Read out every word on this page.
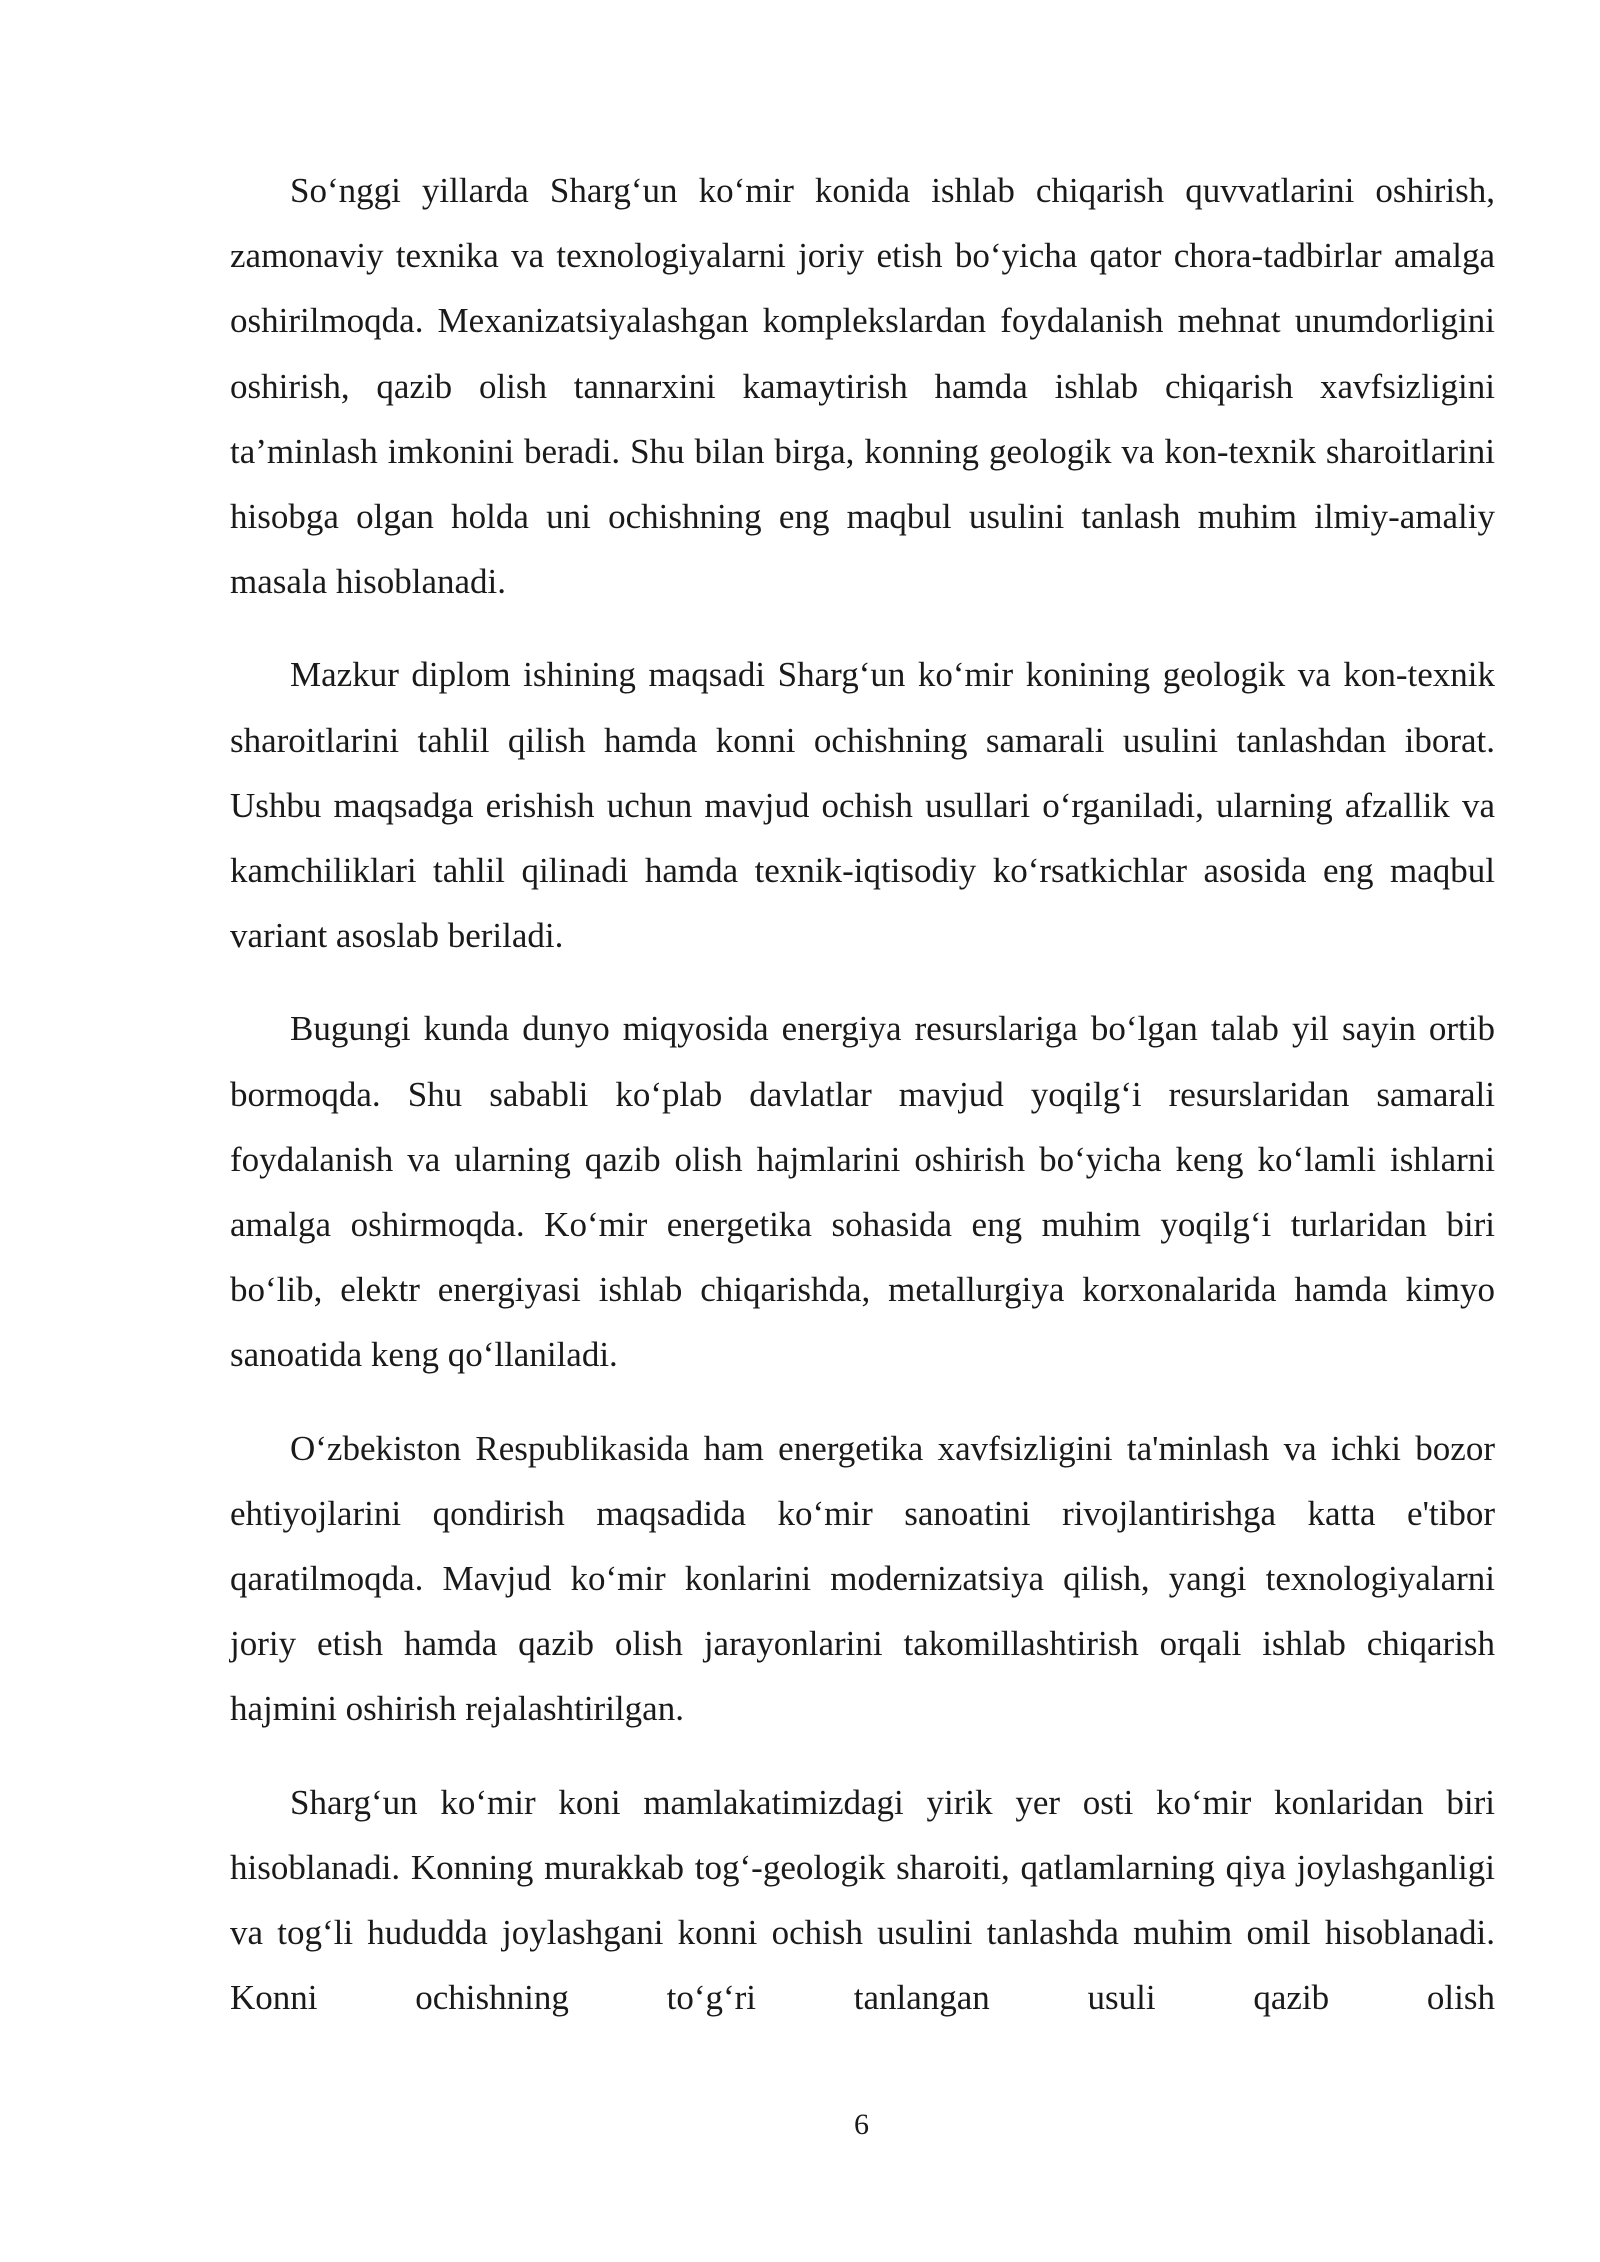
So‘nggi yillarda Sharg‘un ko‘mir konida ishlab chiqarish quvvatlarini oshirish, zamonaviy texnika va texnologiyalarni joriy etish bo‘yicha qator chora-tadbirlar amalga oshirilmoqda. Mexanizatsiyalashgan komplekslardan foydalanish mehnat unumdorligini oshirish, qazib olish tannarxini kamaytirish hamda ishlab chiqarish xavfsizligini ta’minlash imkonini beradi. Shu bilan birga, konning geologik va kon-texnik sharoitlarini hisobga olgan holda uni ochishning eng maqbul usulini tanlash muhim ilmiy-amaliy masala hisoblanadi.

Mazkur diplom ishining maqsadi Sharg‘un ko‘mir konining geologik va kon-texnik sharoitlarini tahlil qilish hamda konni ochishning samarali usulini tanlashdan iborat. Ushbu maqsadga erishish uchun mavjud ochish usullari o‘rganiladi, ularning afzallik va kamchiliklari tahlil qilinadi hamda texnik-iqtisodiy ko‘rsatkichlar asosida eng maqbul variant asoslab beriladi.

Bugungi kunda dunyo miqyosida energiya resurslariga bo‘lgan talab yil sayin ortib bormoqda. Shu sababli ko‘plab davlatlar mavjud yoqilg‘i resurslaridan samarali foydalanish va ularning qazib olish hajmlarini oshirish bo‘yicha keng ko‘lamli ishlarni amalga oshirmoqda. Ko‘mir energetika sohasida eng muhim yoqilg‘i turlaridan biri bo‘lib, elektr energiyasi ishlab chiqarishda, metallurgiya korxonalarida hamda kimyo sanoatida keng qo‘llaniladi.

O‘zbekiston Respublikasida ham energetika xavfsizligini ta'minlash va ichki bozor ehtiyojlarini qondirish maqsadida ko‘mir sanoatini rivojlantirishga katta e'tibor qaratilmoqda. Mavjud ko‘mir konlarini modernizatsiya qilish, yangi texnologiyalarni joriy etish hamda qazib olish jarayonlarini takomillashtirish orqali ishlab chiqarish hajmini oshirish rejalashtirilgan.

Sharg‘un ko‘mir koni mamlakatimizdagi yirik yer osti ko‘mir konlaridan biri hisoblanadi. Konning murakkab tog‘-geologik sharoiti, qatlamlarning qiya joylashganligi va tog‘li hududda joylashgani konni ochish usulini tanlashda muhim omil hisoblanadi. Konni ochishning to‘g‘ri tanlangan usuli qazib olish

6
